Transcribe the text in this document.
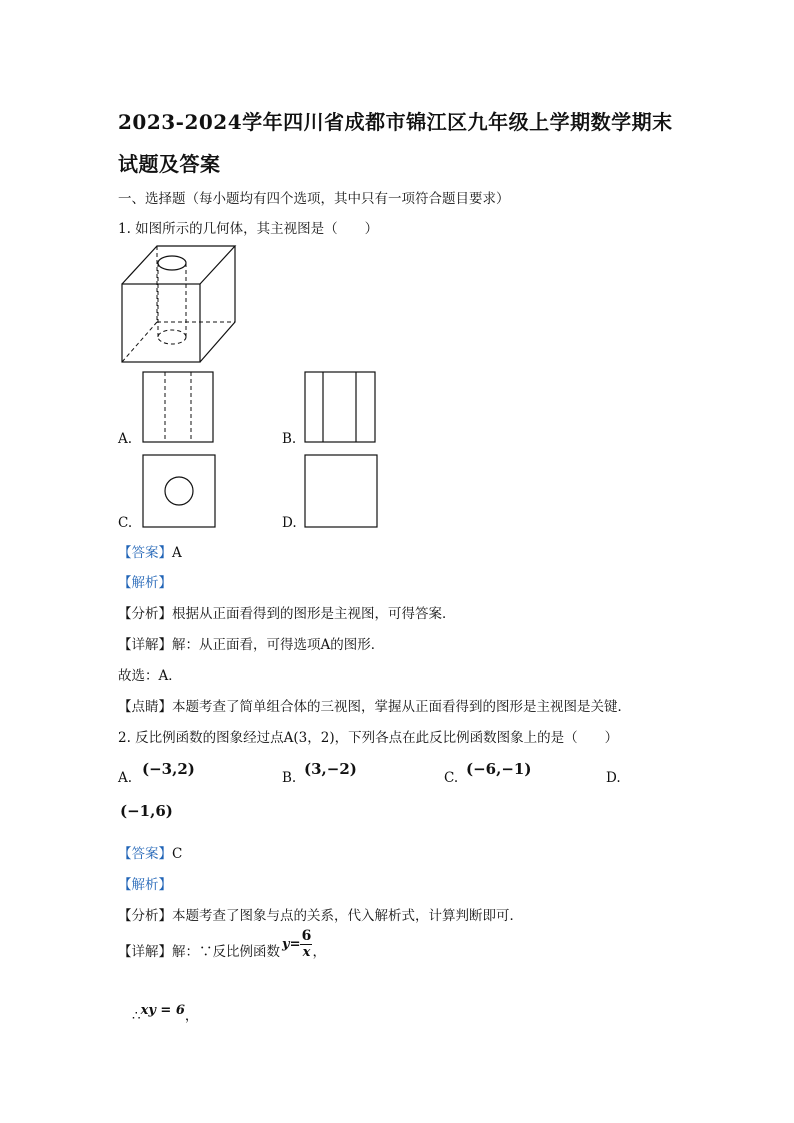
2023-2024学年四川省成都市锦江区九年级上学期数学期末
试题及答案
一、选择题（每小题均有四个选项，其中只有一项符合题目要求）
1. 如图所示的几何体，其主视图是（　　）
A.	B.
C.	D.
【答案】A
【解析】
【分析】根据从正面看得到的图形是主视图，可得答案．
【详解】解：从正面看，可得选项A的图形．
故选：A．
【点睛】本题考查了简单组合体的三视图，掌握从正面看得到的图形是主视图是关键．
2. 反比例函数的图象经过点A(3，2)，下列各点在此反比例函数图象上的是（　　）
A. (−3,2)	B. (3,−2)	C. (−6,−1)	D.
(−1,6)
【答案】C
【解析】
【分析】本题考查了图象与点的关系，代入解析式，计算判断即可．
【详解】 解：∵反比例函数 $y = \frac{6}{x}$ ，
∴xy = 6，
